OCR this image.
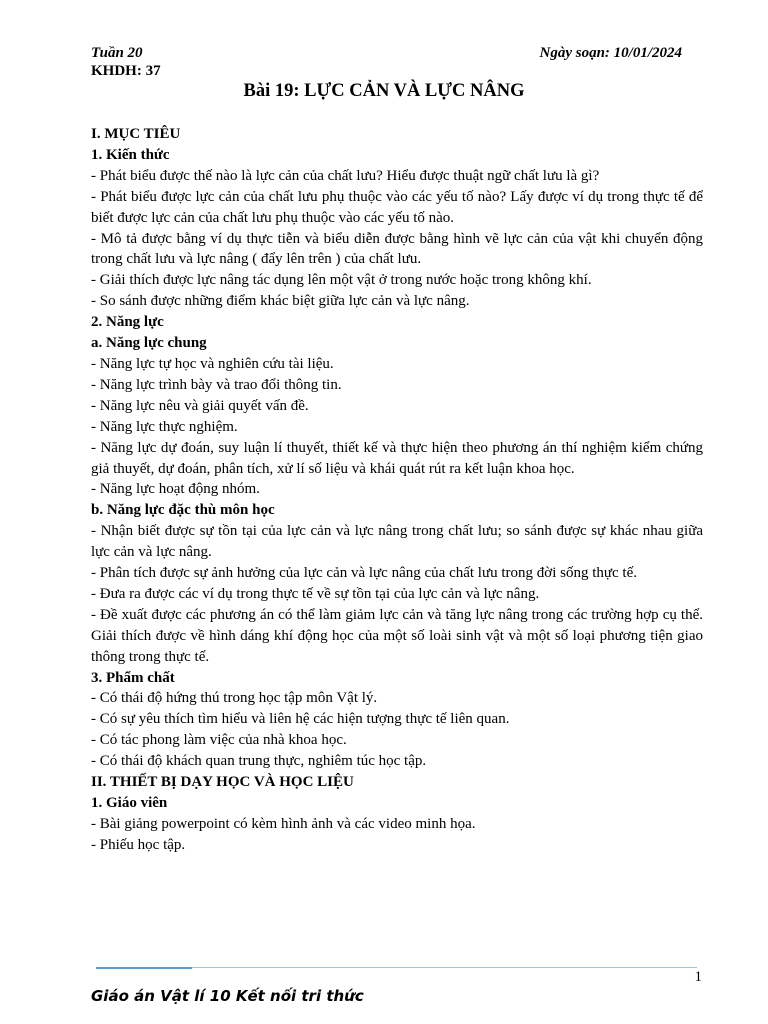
Tuần 20	Ngày soạn: 10/01/2024
KHDH: 37
Bài 19: LỰC CẢN VÀ LỰC NÂNG

I. MỤC TIÊU

1. Kiến thức

- Phát biểu được thế nào là lực cản của chất lưu? Hiểu được thuật ngữ chất lưu là gì?

- Phát biểu được lực cản của chất lưu phụ thuộc vào các yếu tố nào? Lấy được ví dụ trong thực tế để biết được lực cản của chất lưu phụ thuộc vào các yếu tố nào.

- Mô tả được bằng ví dụ thực tiễn và biểu diễn được bằng hình vẽ lực cản của vật khi chuyển động trong chất lưu và lực nâng ( đẩy lên trên ) của chất lưu.

- Giải thích được lực nâng tác dụng lên một vật ở trong nước hoặc trong không khí.

- So sánh được những điểm khác biệt giữa lực cản và lực nâng.

2. Năng lực

a. Năng lực chung

- Năng lực tự học và nghiên cứu tài liệu.

- Năng lực trình bày và trao đổi thông tin.

- Năng lực nêu và giải quyết vấn đề.

- Năng lực thực nghiệm.

- Năng lực dự đoán, suy luận lí thuyết, thiết kế và thực hiện theo phương án thí nghiệm kiểm chứng giả thuyết, dự đoán, phân tích, xử lí số liệu và khái quát rút ra kết luận khoa học.

- Năng lực hoạt động nhóm.

b. Năng lực đặc thù môn học

- Nhận biết được sự tồn tại của lực cản và lực nâng trong chất lưu; so sánh được sự khác nhau giữa lực cản và lực nâng.

- Phân tích được sự ảnh hưởng của lực cản và lực nâng của chất lưu trong đời sống thực tế.

- Đưa ra được các ví dụ trong thực tế về sự tồn tại của lực cản và lực nâng.

- Đề xuất được các phương án có thể làm giảm lực cản và tăng lực nâng trong các trường hợp cụ thể. Giải thích được về hình dáng khí động học của một số loài sinh vật và một số loại phương tiện giao thông trong thực tế.

3. Phẩm chất

- Có thái độ hứng thú trong học tập môn Vật lý.

- Có sự yêu thích tìm hiểu và liên hệ các hiện tượng thực tế liên quan.

- Có tác phong làm việc của nhà khoa học.

- Có thái độ khách quan trung thực, nghiêm túc học tập.

II. THIẾT BỊ DẠY HỌC VÀ HỌC LIỆU

1. Giáo viên

- Bài giảng powerpoint có kèm hình ảnh và các video minh họa.

- Phiếu học tập.

1
Giáo án Vật lí 10 Kết nối tri thức
